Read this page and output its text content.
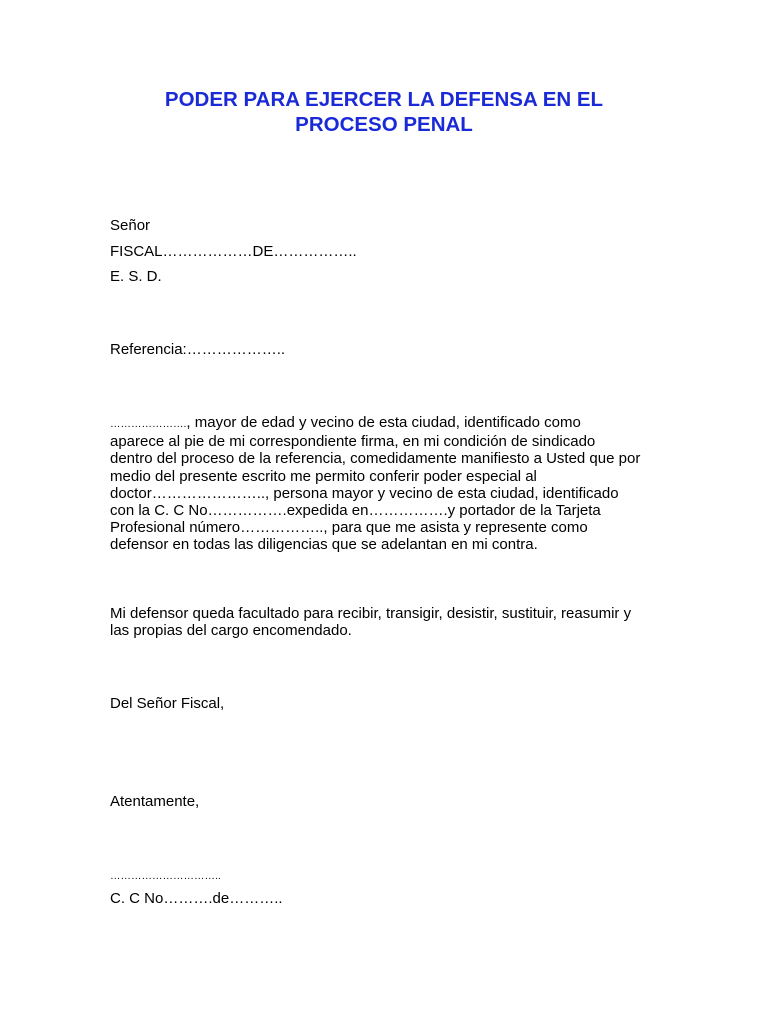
PODER PARA EJERCER LA DEFENSA EN EL
PROCESO PENAL
Señor
FISCAL………………DE……………..
E. S. D.
Referencia:………………..
…………………., mayor de edad y vecino de esta ciudad, identificado como
aparece al pie de mi correspondiente firma, en mi condición de sindicado
dentro del proceso de la referencia, comedidamente manifiesto a Usted que por
medio del presente escrito me permito conferir poder especial al
doctor………………….., persona mayor y vecino de esta ciudad, identificado
con la C. C No…………….expedida en…………….y portador de la Tarjeta
Profesional número…………….., para que me asista y represente como
defensor en todas las diligencias que se adelantan en mi contra.
Mi defensor queda facultado para recibir, transigir, desistir, sustituir, reasumir y
las propias del cargo encomendado.
Del Señor Fiscal,
Atentamente,
…………………………..
C. C No……….de………..
